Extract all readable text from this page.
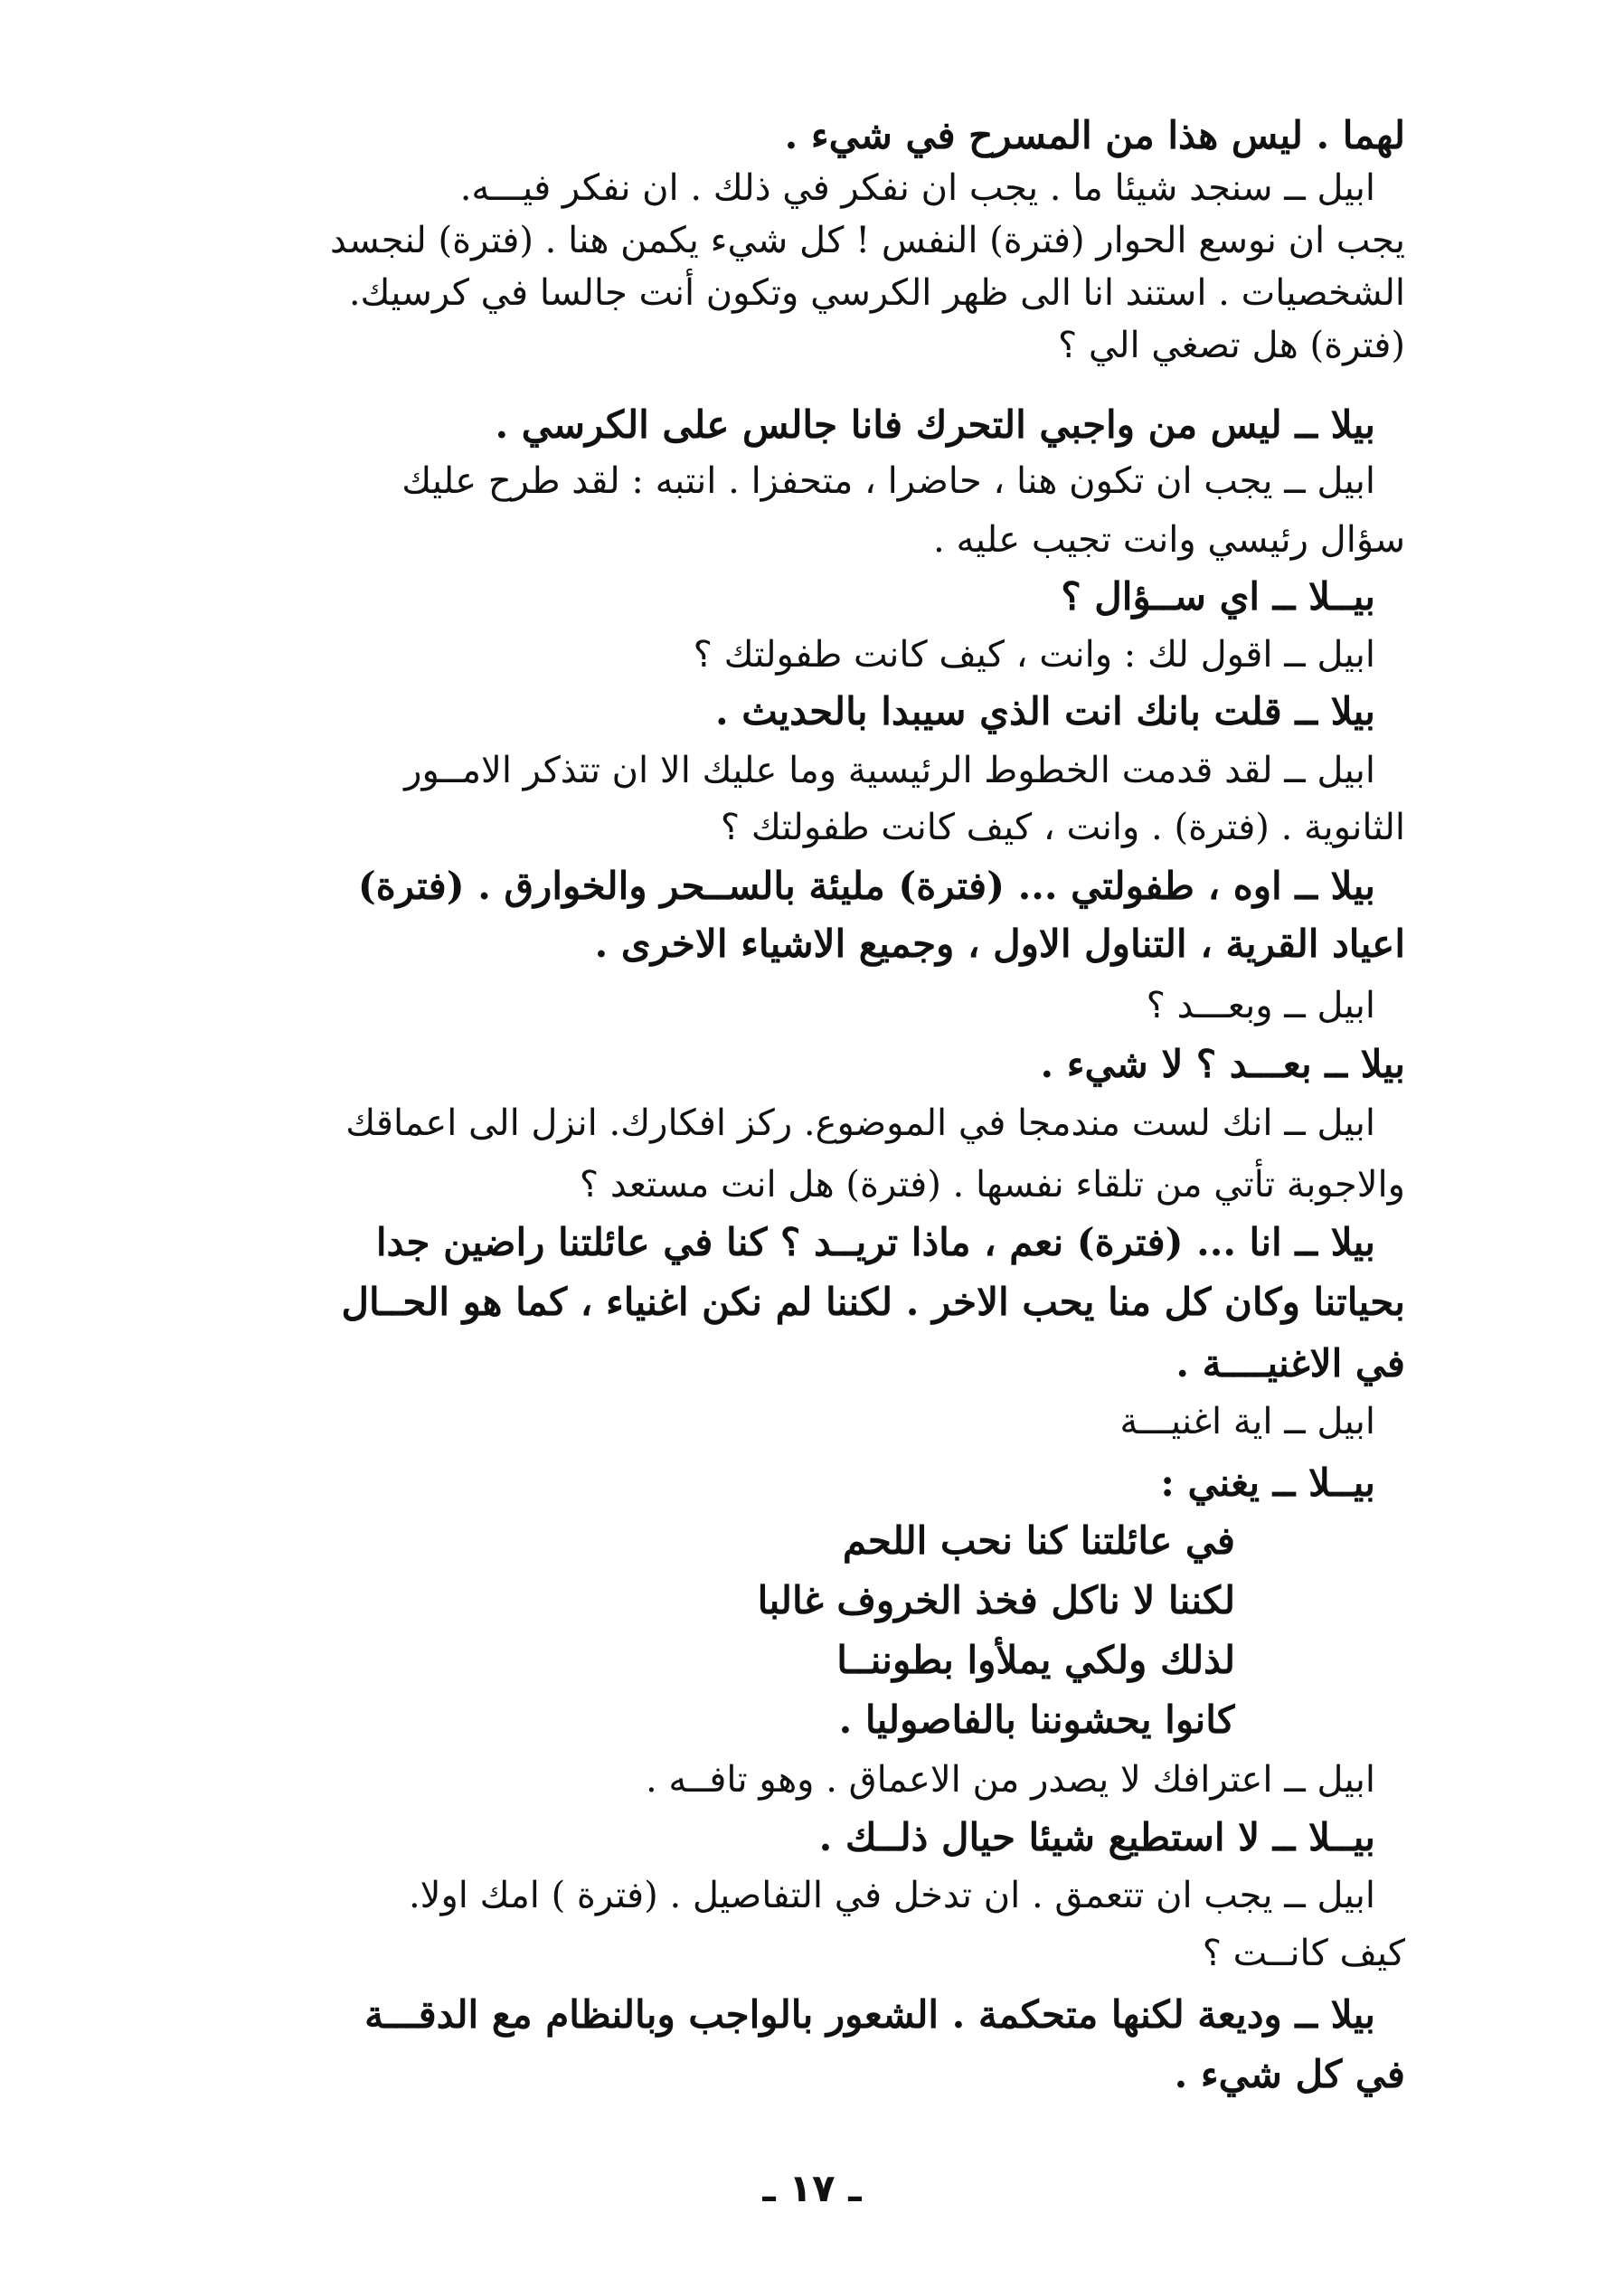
لهما . ليس هذا من المسرح في شيء .
ابيل ــ سنجد شيئا ما . يجب ان نفكر في ذلك . ان نفكر فيـــه.
يجب ان نوسع الحوار (فترة) النفس ! كل شيء يكمن هنا . (فترة) لنجسد
الشخصيات . استند انا الى ظهر الكرسي وتكون أنت جالسا في كرسيك.
(فترة) هل تصغي الي ؟
بيلا ــ ليس من واجبي التحرك فانا جالس على الكرسي .
ابيل ــ يجب ان تكون هنا ، حاضرا ، متحفزا . انتبه : لقد طرح عليك
سؤال رئيسي وانت تجيب عليه .
بيــلا ــ اي ســؤال ؟
ابيل ــ اقول لك : وانت ، كيف كانت طفولتك ؟
بيلا ــ قلت بانك انت الذي سيبدا بالحديث .
ابيل ــ لقد قدمت الخطوط الرئيسية وما عليك الا ان تتذكر الامــور
الثانوية . (فترة) . وانت ، كيف كانت طفولتك ؟
بيلا ــ اوه ، طفولتي ... (فترة) مليئة بالســحر والخوارق . (فترة)
اعياد القرية ، التناول الاول ، وجميع الاشياء الاخرى .
ابيل ــ وبعـــد ؟
بيلا ــ بعـــد ؟ لا شيء .
ابيل ــ انك لست مندمجا في الموضوع. ركز افكارك. انزل الى اعماقك
والاجوبة تأتي من تلقاء نفسها . (فترة) هل انت مستعد ؟
بيلا ــ انا ... (فترة) نعم ، ماذا تريــد ؟ كنا في عائلتنا راضين جدا
بحياتنا وكان كل منا يحب الاخر . لكننا لم نكن اغنياء ، كما هو الحــال
في الاغنيــــة .
ابيل ــ اية اغنيـــة
بيــلا ــ يغني :
في عائلتنا كنا نحب اللحم
لكننا لا ناكل فخذ الخروف غالبا
لذلك ولكي يملأوا بطوننــا
كانوا يحشوننا بالفاصوليا .
ابيل ــ اعترافك لا يصدر من الاعماق . وهو تافــه .
بيــلا ــ لا استطيع شيئا حيال ذلــك .
ابيل ــ يجب ان تتعمق . ان تدخل في التفاصيل . (فترة ) امك اولا.
كيف كانــت ؟
بيلا ــ وديعة لكنها متحكمة . الشعور بالواجب وبالنظام مع الدقـــة
في كل شيء .
ـ ١٧ ـ
